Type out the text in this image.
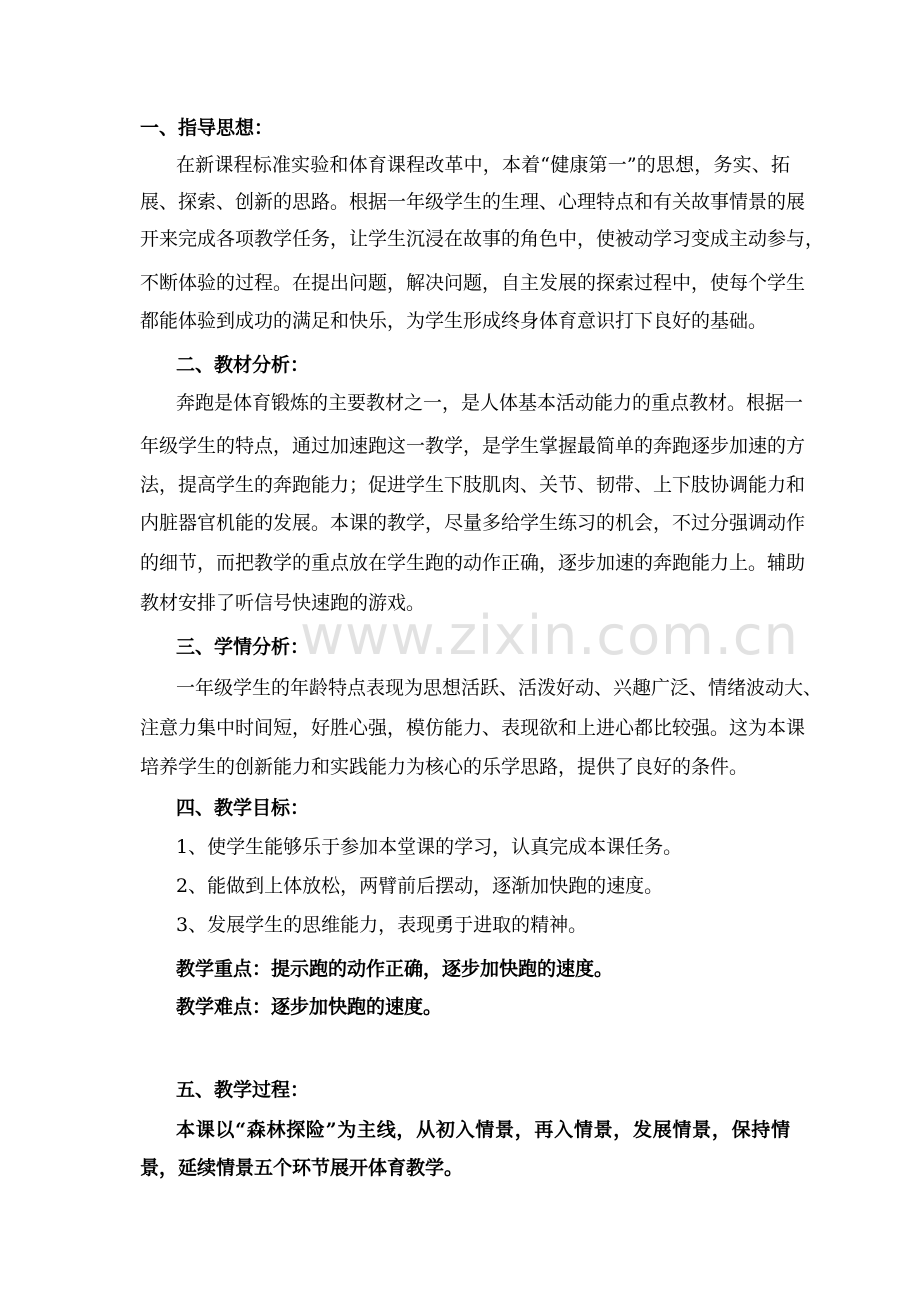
一、指导思想：
在新课程标准实验和体育课程改革中，本着“健康第一”的思想，务实、拓
展、探索、创新的思路。根据一年级学生的生理、心理特点和有关故事情景的展
开来完成各项教学任务，让学生沉浸在故事的角色中，使被动学习变成主动参与，
不断体验的过程。在提出问题，解决问题，自主发展的探索过程中，使每个学生
都能体验到成功的满足和快乐，为学生形成终身体育意识打下良好的基础。
二、教材分析：
奔跑是体育锻炼的主要教材之一，是人体基本活动能力的重点教材。根据一
年级学生的特点，通过加速跑这一教学，是学生掌握最简单的奔跑逐步加速的方
法，提高学生的奔跑能力；促进学生下肢肌肉、关节、韧带、上下肢协调能力和
内脏器官机能的发展。本课的教学，尽量多给学生练习的机会，不过分强调动作
的细节，而把教学的重点放在学生跑的动作正确，逐步加速的奔跑能力上。辅助
教材安排了听信号快速跑的游戏。
www.zixin.com.cn
三、学情分析：
一年级学生的年龄特点表现为思想活跃、活泼好动、兴趣广泛、情绪波动大、
注意力集中时间短，好胜心强，模仿能力、表现欲和上进心都比较强。这为本课
培养学生的创新能力和实践能力为核心的乐学思路，提供了良好的条件。
四、教学目标：
1、使学生能够乐于参加本堂课的学习，认真完成本课任务。
2、能做到上体放松，两臂前后摆动，逐渐加快跑的速度。
3、发展学生的思维能力，表现勇于进取的精神。
教学重点：提示跑的动作正确，逐步加快跑的速度。
教学难点：逐步加快跑的速度。
五、教学过程：
本课以“森林探险”为主线，从初入情景，再入情景，发展情景，保持情
景，延续情景五个环节展开体育教学。
